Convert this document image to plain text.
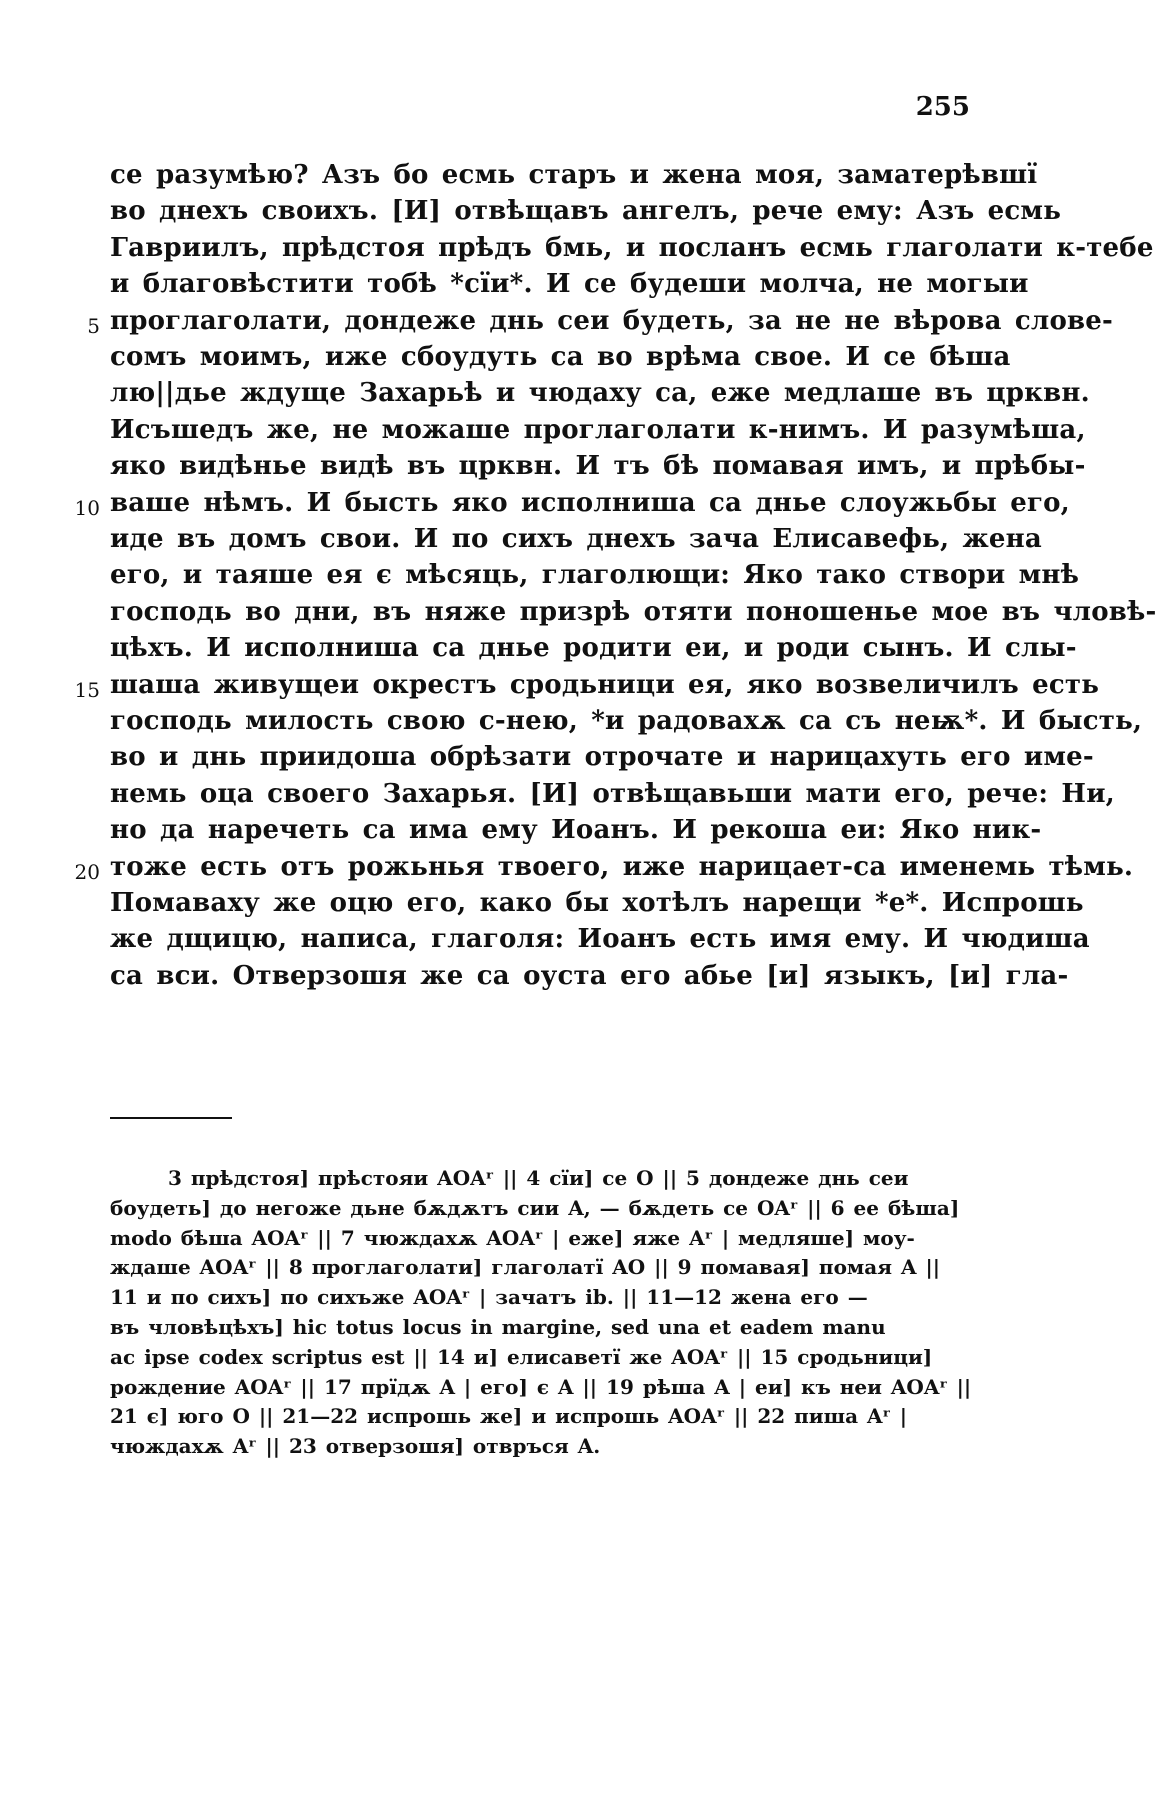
255
се разумѣю? Азъ бо есмь старъ и жена моя, заматерѣвшї
во днехъ своихъ. [И] отвѣщавъ ангелъ, рече ему: Азъ есмь
Гавриилъ, прѣдстоя прѣдъ бмь, и посланъ есмь глаголати к-тебе
и благовѣстити тобѣ *сїи*. И се будеши молча, не могыи
5 проглаголати, дондеже днь сеи будеть, за не не вѣрова слове-
сомъ моимъ, иже сбоудуть са во врѣма свое. И се бѣша
лю||дье ждуще Захарьѣ и чюдаху са, еже медлаше въ црквн.
Исъшедъ же, не можаше проглаголати к-нимъ. И разумѣша,
яко видѣнье видѣ въ црквн. И тъ бѣ помавая имъ, и прѣбы-
10 ваше нѣмъ. И бысть яко исполниша са дньe слоужьбы его,
иде въ домъ свои. И по сихъ днехъ зача Елисавефь, жена
его, и таяше ея є мѣсяць, глаголющи: Яко тако створи мнѣ
господь во дни, въ няже призрѣ отяти поношенье мое въ чловѣ-
цѣхъ. И исполниша са дньe родити еи, и роди сынъ. И слы-
15 шаша живущеи окрестъ сродьници ея, яко возвеличилъ есть
господь милость свою с-нею, *и радовахѫ са съ неѭ*. И бысть,
во и днь приидоша обрѣзати отрочате и нарицахуть его име-
немь оца своего Захарья. [И] отвѣщавьши мати его, рече: Ни,
но да наречеть са има ему Иоанъ. И рекоша еи: Яко ник-
20 тоже есть отъ рожьнья твоего, иже нарицает-са именемь тѣмь.
Помаваху же оцю его, како бы хотѣлъ нарещи *е*. Испрошь
же дщицю, написа, глаголя: Иоанъ есть имя ему. И чюдиша
са вси. Отверзошя же са оуста его абье [и] языкъ, [и] гла-
3 прѣдстоя] прѣстояи AOAʳ || 4 сїи] се O || 5 дондеже днь сеи
боудеть] до негоже дьне бѫдѫтъ сии A, — бѫдеть се OAʳ || 6 ее бѣша]
modo бѣша AOAʳ || 7 чюждахѫ AOAʳ | еже] яже Aʳ | медляше] моу-
ждаше AOAʳ || 8 проглаголати] глаголатї AO || 9 помавая] помая A ||
11 и по сихъ] по сихъже AOAʳ | зачатъ ib. || 11—12 жена его —
въ чловѣцѣхъ] hic totus locus in margine, sed una et eadem manu
ac ipse codex scriptus est || 14 и] елисаветї же AOAʳ || 15 сродьници]
рождение AOAʳ || 17 прїдѫ A | его] є A || 19 рѣша A | еи] къ неи AOAʳ ||
21 є] юго O || 21—22 испрошь же] и испрошь AOAʳ || 22 пиша Aʳ |
чюждахѫ Aʳ || 23 отверзошя] отвръся A.
